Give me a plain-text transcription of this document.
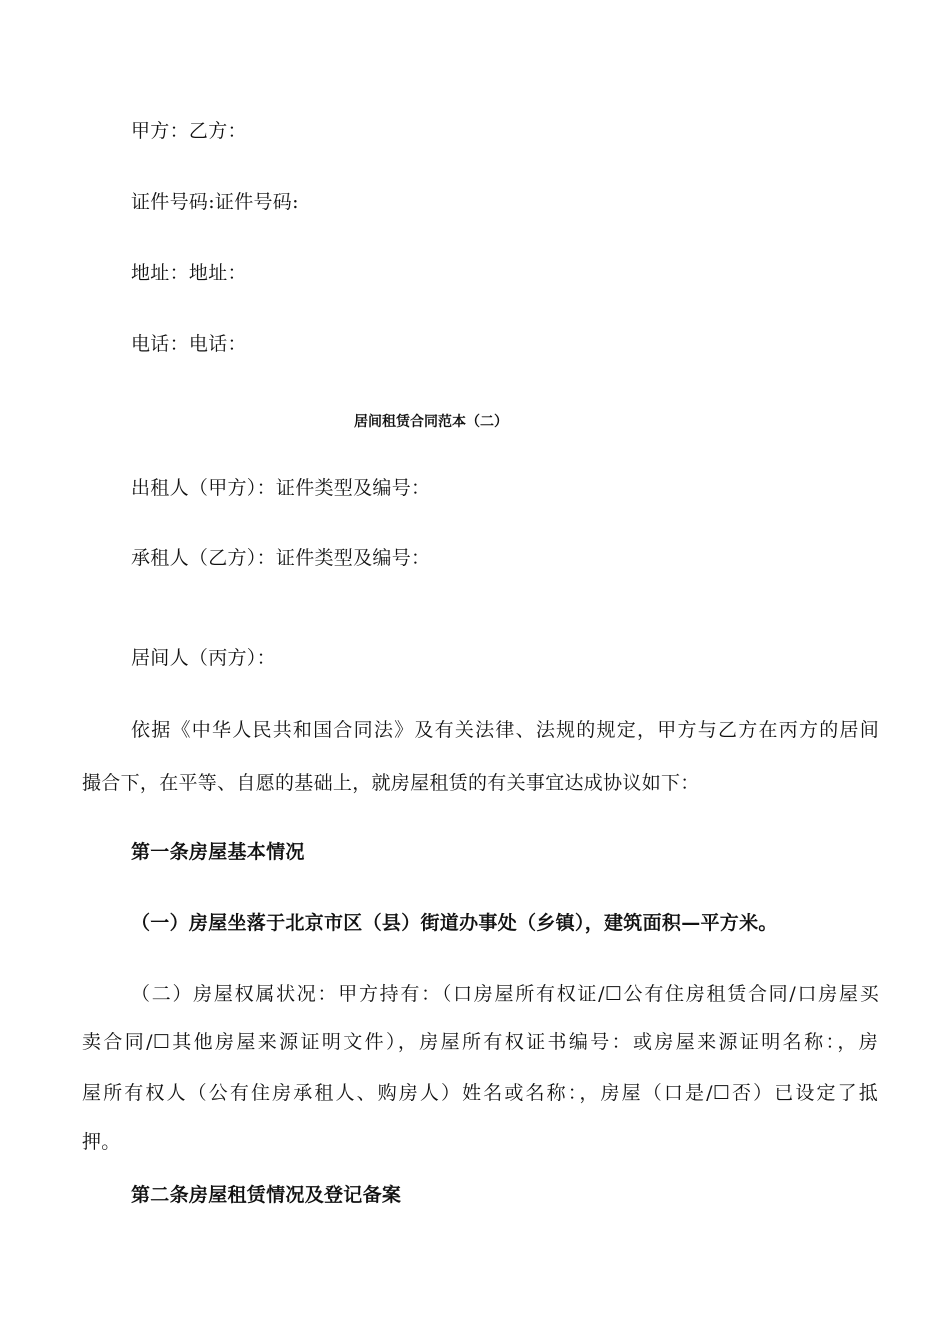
甲方：乙方：
证件号码:证件号码:
地址：地址：
电话：电话：
居间租赁合同范本（二）
出租人（甲方）：证件类型及编号：
承租人（乙方）：证件类型及编号：
居间人（丙方）：
依据《中华人民共和国合同法》及有关法律、法规的规定，甲方与乙方在丙方的居间
撮合下，在平等、自愿的基础上，就房屋租赁的有关事宜达成协议如下：
第一条房屋基本情况
（一）房屋坐落于北京市区（县）街道办事处（乡镇），建筑面积—平方米。
（二）房屋权属状况：甲方持有：（口房屋所有权证/☐公有住房租赁合同/口房屋买
卖合同/☐其他房屋来源证明文件），房屋所有权证书编号：或房屋来源证明名称：，房
屋所有权人（公有住房承租人、购房人）姓名或名称：，房屋（口是/☐否）已设定了抵
押。
第二条房屋租赁情况及登记备案
